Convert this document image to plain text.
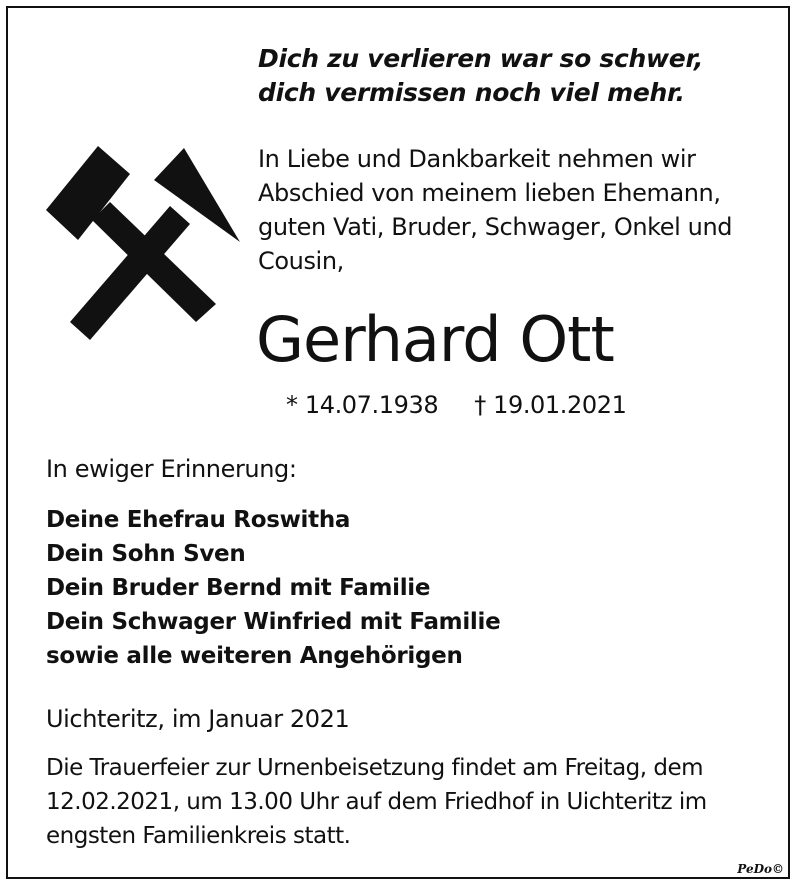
Dich zu verlieren war so schwer,
dich vermissen noch viel mehr.
In Liebe und Dankbarkeit nehmen wir
Abschied von meinem lieben Ehemann,
guten Vati, Bruder, Schwager, Onkel und
Cousin,
Gerhard Ott
* 14.07.1938 † 19.01.2021
In ewiger Erinnerung:
Deine Ehefrau Roswitha
Dein Sohn Sven
Dein Bruder Bernd mit Familie
Dein Schwager Winfried mit Familie
sowie alle weiteren Angehörigen
Uichteritz, im Januar 2021
Die Trauerfeier zur Urnenbeisetzung findet am Freitag, dem
12.02.2021, um 13.00 Uhr auf dem Friedhof in Uichteritz im
engsten Familienkreis statt.
PeDo©
